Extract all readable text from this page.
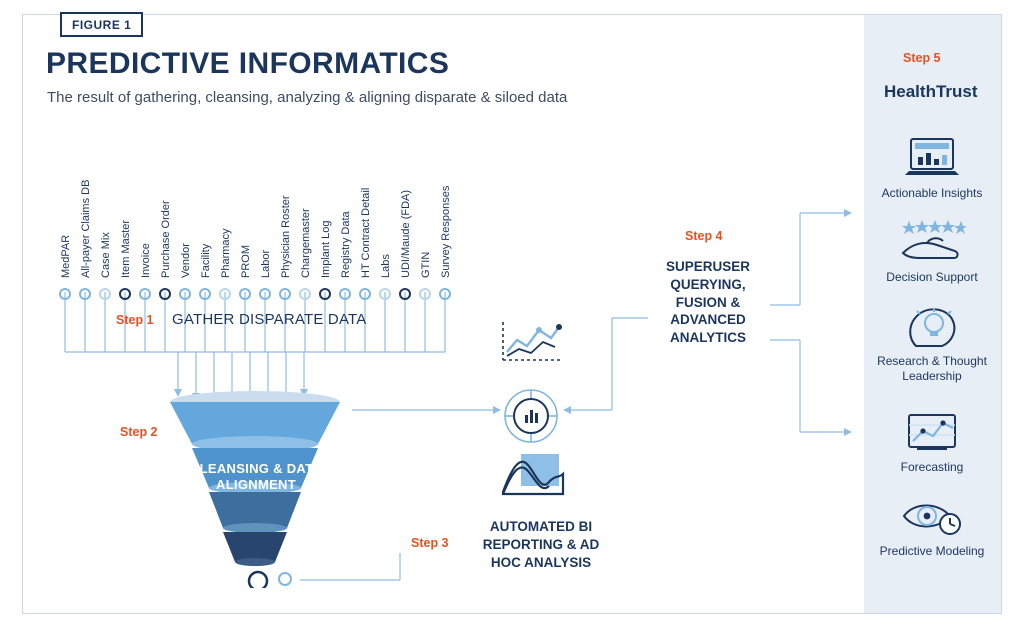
FIGURE 1
PREDICTIVE INFORMATICS
The result of gathering, cleansing, analyzing & aligning disparate & siloed data
MedPAR All-payer Claims DB Case Mix Item Master Invoice Purchase Order Vendor Facility Pharmacy PROM Labor Physician Roster Chargemaster Implant Log Registry Data HT Contract Detail Labs UDI/Maude (FDA) GTIN Survey Responses
Step 1 GATHER DISPARATE DATA
CLEANSING & DATA ALIGNMENT
Step 2
Step 3
AUTOMATED BI REPORTING & AD HOC ANALYSIS
Step 4
SUPERUSER QUERYING, FUSION & ADVANCED ANALYTICS
Step 5
HealthTrust
Actionable Insights
Decision Support
Research & Thought Leadership
Forecasting
Predictive Modeling
